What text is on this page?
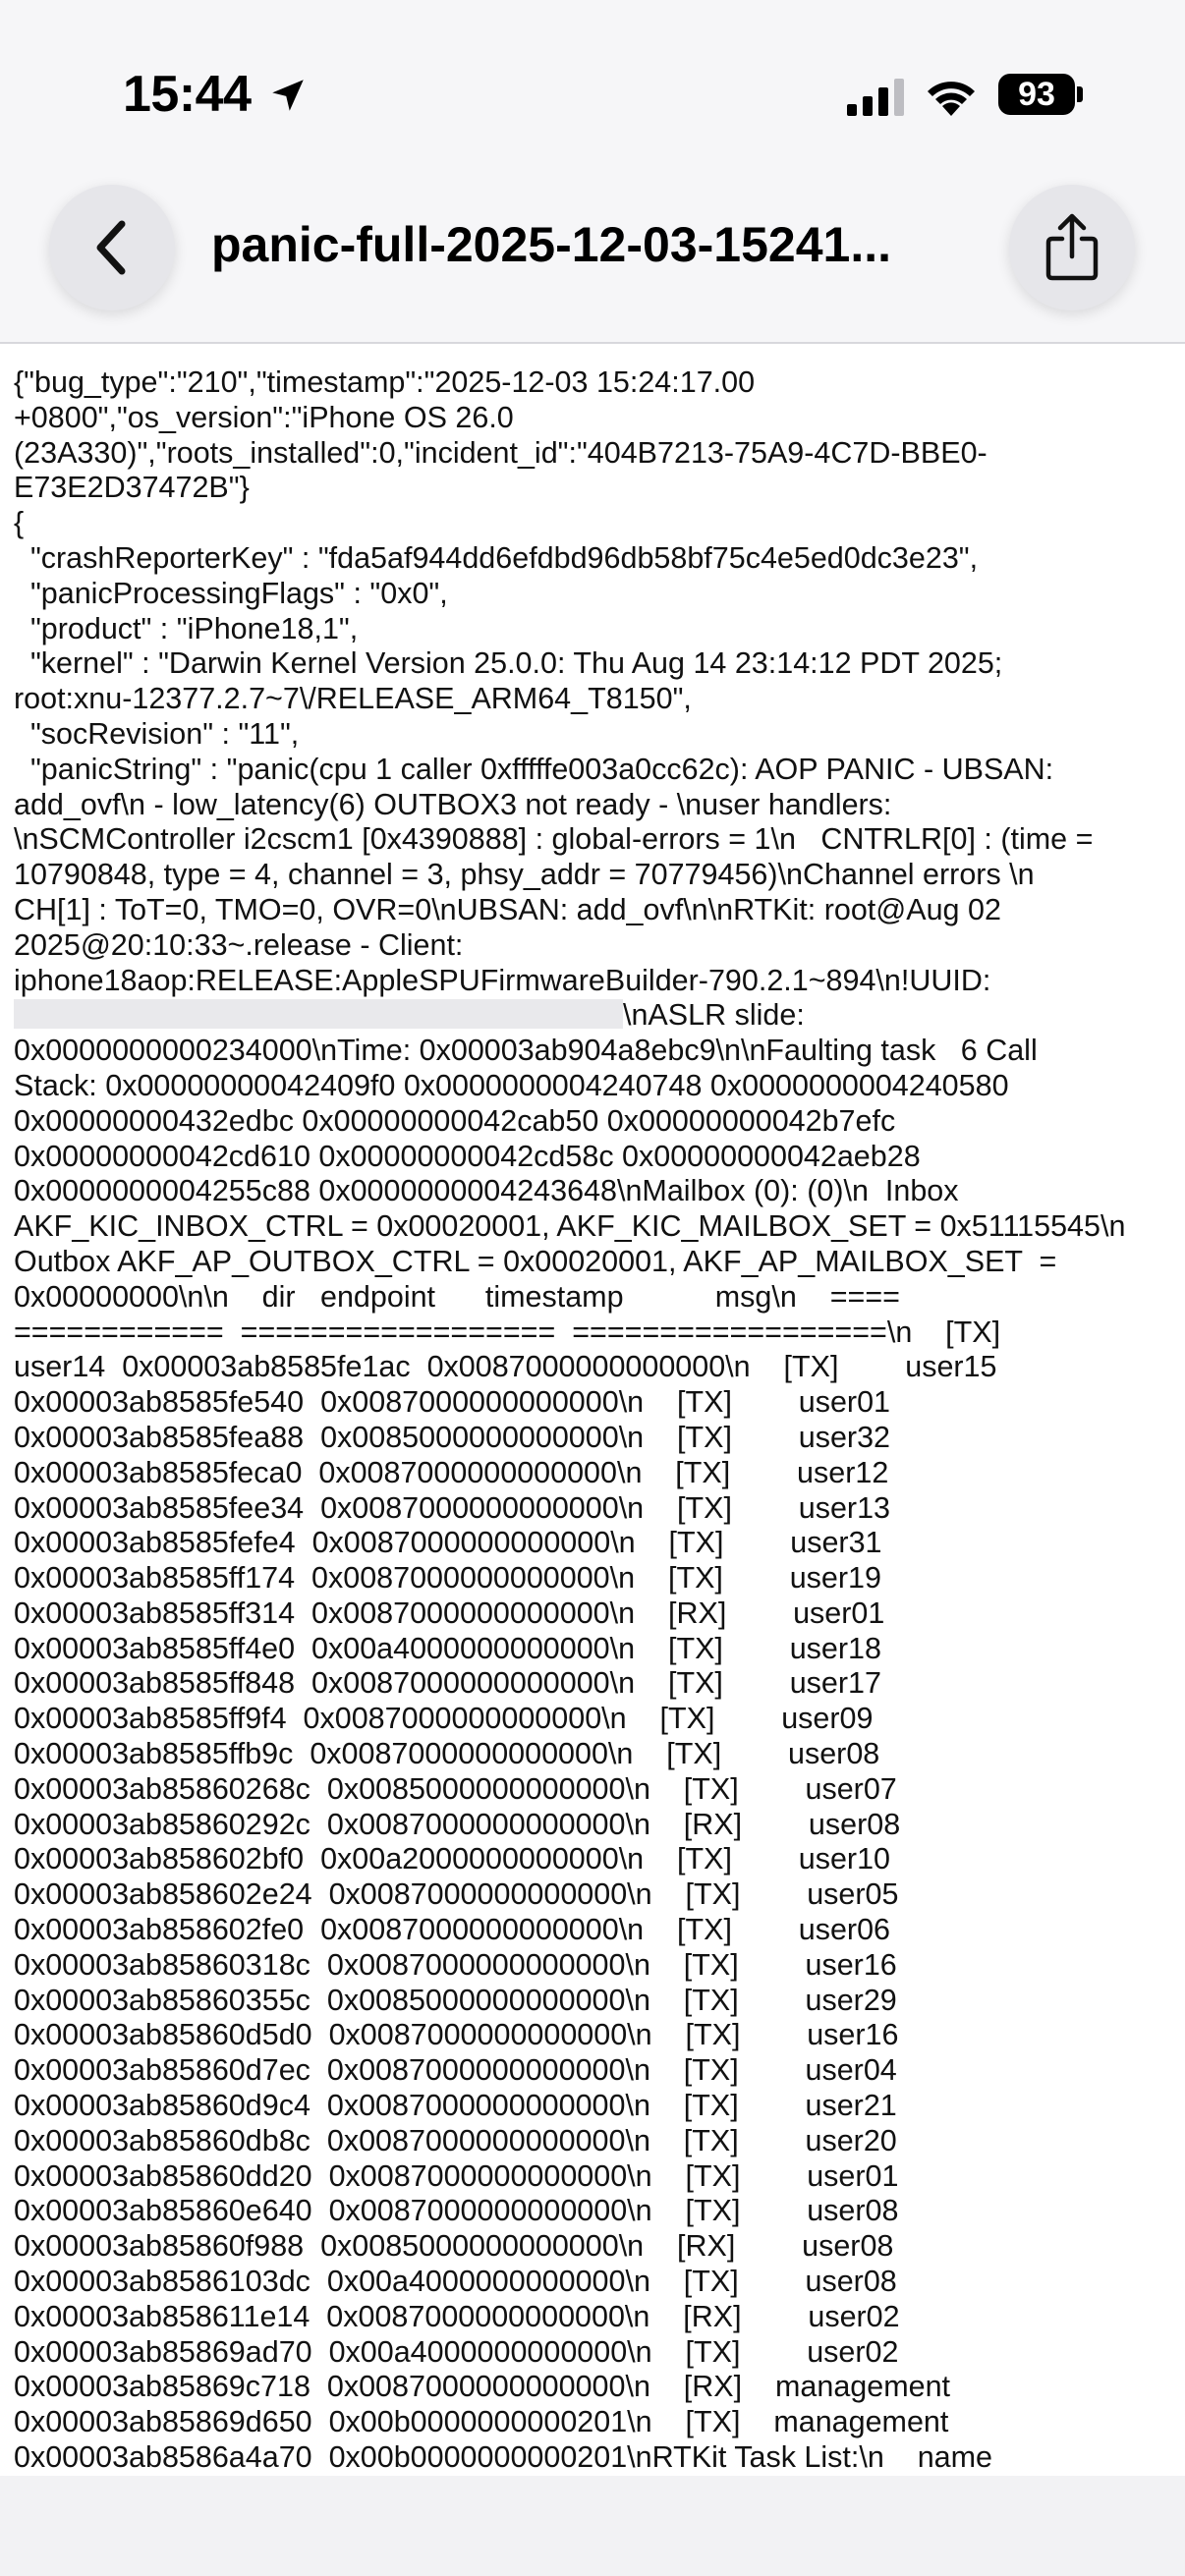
15:44	93
panic-full-2025-12-03-15241...
{"bug_type":"210","timestamp":"2025-12-03 15:24:17.00
+0800","os_version":"iPhone OS 26.0
(23A330)","roots_installed":0,"incident_id":"404B7213-75A9-4C7D-BBE0-
E73E2D37472B"}
{
"crashReporterKey" : "fda5af944dd6efdbd96db58bf75c4e5ed0dc3e23",
"panicProcessingFlags" : "0x0",
"product" : "iPhone18,1",
"kernel" : "Darwin Kernel Version 25.0.0: Thu Aug 14 23:14:12 PDT 2025;
root:xnu-12377.2.7~7\/RELEASE_ARM64_T8150",
"socRevision" : "11",
"panicString" : "panic(cpu 1 caller 0xfffffe003a0cc62c): AOP PANIC - UBSAN:
add_ovf\n - low_latency(6) OUTBOX3 not ready - \nuser handlers:
\nSCMController i2cscm1 [0x4390888] : global-errors = 1\n   CNTRLR[0] : (time =
10790848, type = 4, channel = 3, phsy_addr = 70779456)\nChannel errors \n
CH[1] : ToT=0, TMO=0, OVR=0\nUBSAN: add_ovf\n\nRTKit: root@Aug 02
2025@20:10:33~.release - Client:
iphone18aop:RELEASE:AppleSPUFirmwareBuilder-790.2.1~894\n!UUID:
\nASLR slide:
0x0000000000234000\nTime: 0x00003ab904a8ebc9\n\nFaulting task   6 Call
Stack: 0x00000000042409f0 0x0000000004240748 0x0000000004240580
0x00000000432edbc 0x00000000042cab50 0x00000000042b7efc
0x00000000042cd610 0x00000000042cd58c 0x00000000042aeb28
0x0000000004255c88 0x0000000004243648\nMailbox (0): (0)\n  Inbox
AKF_KIC_INBOX_CTRL = 0x00020001, AKF_KIC_MAILBOX_SET = 0x51115545\n
Outbox AKF_AP_OUTBOX_CTRL = 0x00020001, AKF_AP_MAILBOX_SET  =
0x00000000\n\n    dir   endpoint      timestamp           msg\n    ====
============  ==================  ==================\n    [TX]
user14  0x00003ab8585fe1ac  0x0087000000000000\n    [TX]        user15
0x00003ab8585fe540  0x0087000000000000\n    [TX]        user01
0x00003ab8585fea88  0x0085000000000000\n    [TX]        user32
0x00003ab8585feca0  0x0087000000000000\n    [TX]        user12
0x00003ab8585fee34  0x0087000000000000\n    [TX]        user13
0x00003ab8585fefe4  0x0087000000000000\n    [TX]        user31
0x00003ab8585ff174  0x0087000000000000\n    [TX]        user19
0x00003ab8585ff314  0x0087000000000000\n    [RX]        user01
0x00003ab8585ff4e0  0x00a4000000000000\n    [TX]        user18
0x00003ab8585ff848  0x0087000000000000\n    [TX]        user17
0x00003ab8585ff9f4  0x0087000000000000\n    [TX]        user09
0x00003ab8585ffb9c  0x0087000000000000\n    [TX]        user08
0x00003ab85860268c  0x0085000000000000\n    [TX]        user07
0x00003ab85860292c  0x0087000000000000\n    [RX]        user08
0x00003ab858602bf0  0x00a2000000000000\n    [TX]        user10
0x00003ab858602e24  0x0087000000000000\n    [TX]        user05
0x00003ab858602fe0  0x0087000000000000\n    [TX]        user06
0x00003ab85860318c  0x0087000000000000\n    [TX]        user16
0x00003ab85860355c  0x0085000000000000\n    [TX]        user29
0x00003ab85860d5d0  0x0087000000000000\n    [TX]        user16
0x00003ab85860d7ec  0x0087000000000000\n    [TX]        user04
0x00003ab85860d9c4  0x0087000000000000\n    [TX]        user21
0x00003ab85860db8c  0x0087000000000000\n    [TX]        user20
0x00003ab85860dd20  0x0087000000000000\n    [TX]        user01
0x00003ab85860e640  0x0087000000000000\n    [TX]        user08
0x00003ab85860f988  0x0085000000000000\n    [RX]        user08
0x00003ab8586103dc  0x00a4000000000000\n    [TX]        user08
0x00003ab858611e14  0x0087000000000000\n    [RX]        user02
0x00003ab85869ad70  0x00a4000000000000\n    [TX]        user02
0x00003ab85869c718  0x0087000000000000\n    [RX]    management
0x00003ab85869d650  0x00b0000000000201\n    [TX]    management
0x00003ab8586a4a70  0x00b0000000000201\nRTKit Task List:\n    name
